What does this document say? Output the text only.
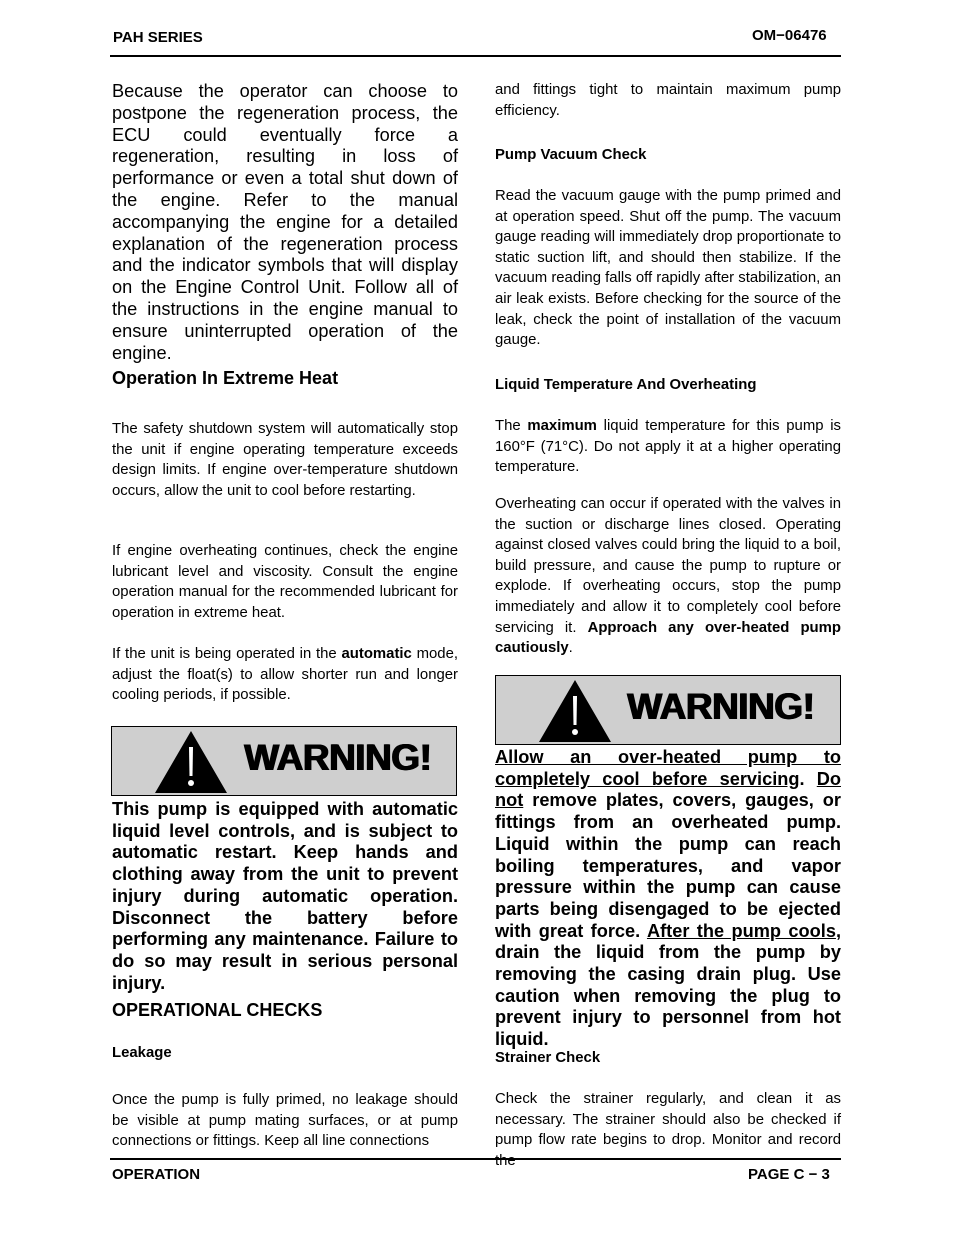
PAH SERIES	OM−06476
Because the operator can choose to postpone the regeneration process, the ECU could eventually force a regeneration, resulting in loss of performance or even a total shut down of the engine. Refer to the manual accompanying the engine for a detailed explanation of the regeneration process and the indicator symbols that will display on the Engine Control Unit. Follow all of the instructions in the engine manual to ensure uninterrupted operation of the engine.
Operation In Extreme Heat
The safety shutdown system will automatically stop the unit if engine operating temperature exceeds design limits. If engine over-temperature shutdown occurs, allow the unit to cool before restarting.
If engine overheating continues, check the engine lubricant level and viscosity. Consult the engine operation manual for the recommended lubricant for operation in extreme heat.
If the unit is being operated in the automatic mode, adjust the float(s) to allow shorter run and longer cooling periods, if possible.
WARNING!
This pump is equipped with automatic liquid level controls, and is subject to automatic restart. Keep hands and clothing away from the unit to prevent injury during automatic operation. Disconnect the battery before performing any maintenance. Failure to do so may result in serious personal injury.
OPERATIONAL CHECKS
Leakage
Once the pump is fully primed, no leakage should be visible at pump mating surfaces, or at pump connections or fittings. Keep all line connections
and fittings tight to maintain maximum pump efficiency.
Pump Vacuum Check
Read the vacuum gauge with the pump primed and at operation speed. Shut off the pump. The vacuum gauge reading will immediately drop proportionate to static suction lift, and should then stabilize. If the vacuum reading falls off rapidly after stabilization, an air leak exists. Before checking for the source of the leak, check the point of installation of the vacuum gauge.
Liquid Temperature And Overheating
The maximum liquid temperature for this pump is 160°F (71°C). Do not apply it at a higher operating temperature.
Overheating can occur if operated with the valves in the suction or discharge lines closed. Operating against closed valves could bring the liquid to a boil, build pressure, and cause the pump to rupture or explode. If overheating occurs, stop the pump immediately and allow it to completely cool before servicing it. Approach any over-heated pump cautiously.
WARNING!
Allow an over-heated pump to completely cool before servicing. Do not remove plates, covers, gauges, or fittings from an overheated pump. Liquid within the pump can reach boiling temperatures, and vapor pressure within the pump can cause parts being disengaged to be ejected with great force. After the pump cools, drain the liquid from the pump by removing the casing drain plug. Use caution when removing the plug to prevent injury to personnel from hot liquid.
Strainer Check
Check the strainer regularly, and clean it as necessary. The strainer should also be checked if pump flow rate begins to drop. Monitor and record the
OPERATION	PAGE C − 3
